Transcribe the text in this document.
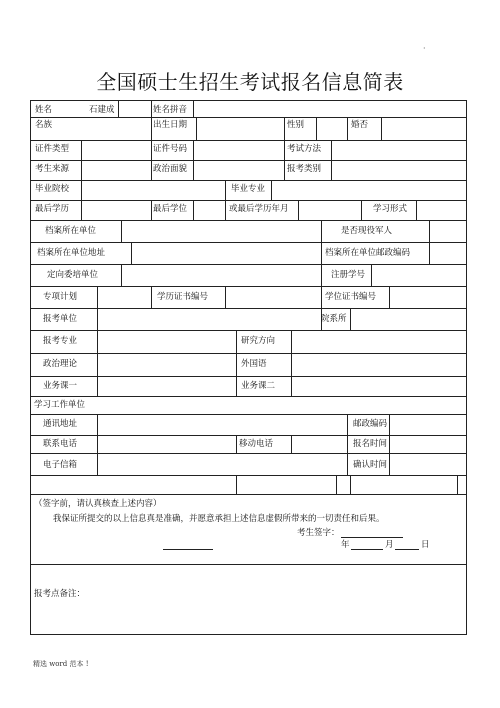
·
全国硕士生招生考试报名信息简表
姓名	石建成	姓名拼音
名族	出生日期	性别	婚否
证件类型	证件号码	考试方法
考生来源	政治面貌	报考类别
毕业院校	毕业专业
最后学历	最后学位	或最后学历年月	学习形式
档案所在单位	是否现役军人
档案所在单位地址	档案所在单位邮政编码
定向委培单位	注册学号
专项计划	学历证书编号	学位证书编号
报考单位	院系所
报考专业	研究方向
政治理论	外国语
业务课一	业务课二
学习工作单位
通讯地址	邮政编码
联系电话	移动电话	报名时间
电子信箱	确认时间
（签字前，请认真核查上述内容）
我保证所提交的以上信息真是准确，并愿意承担上述信息虚假所带来的一切责任和后果。
考生签字：
年	月	日
报考点备注：
精选 word 范本 !
